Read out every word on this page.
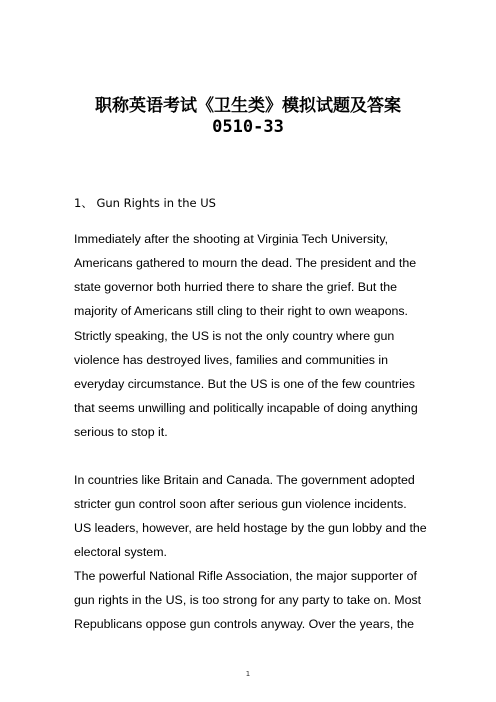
职称英语考试《卫生类》模拟试题及答案
0510-33
1、 Gun Rights in the US
Immediately after the shooting at Virginia Tech University,
Americans gathered to mourn the dead. The president and the
state governor both hurried there to share the grief. But the
majority of Americans still cling to their right to own weapons.
Strictly speaking, the US is not the only country where gun
violence has destroyed lives, families and communities in
everyday circumstance. But the US is one of the few countries
that seems unwilling and politically incapable of doing anything
serious to stop it.
In countries like Britain and Canada. The government adopted
stricter gun control soon after serious gun violence incidents.
US leaders, however, are held hostage by the gun lobby and the
electoral system.
The powerful National Rifle Association, the major supporter of
gun rights in the US, is too strong for any party to take on. Most
Republicans oppose gun controls anyway. Over the years, the
1
